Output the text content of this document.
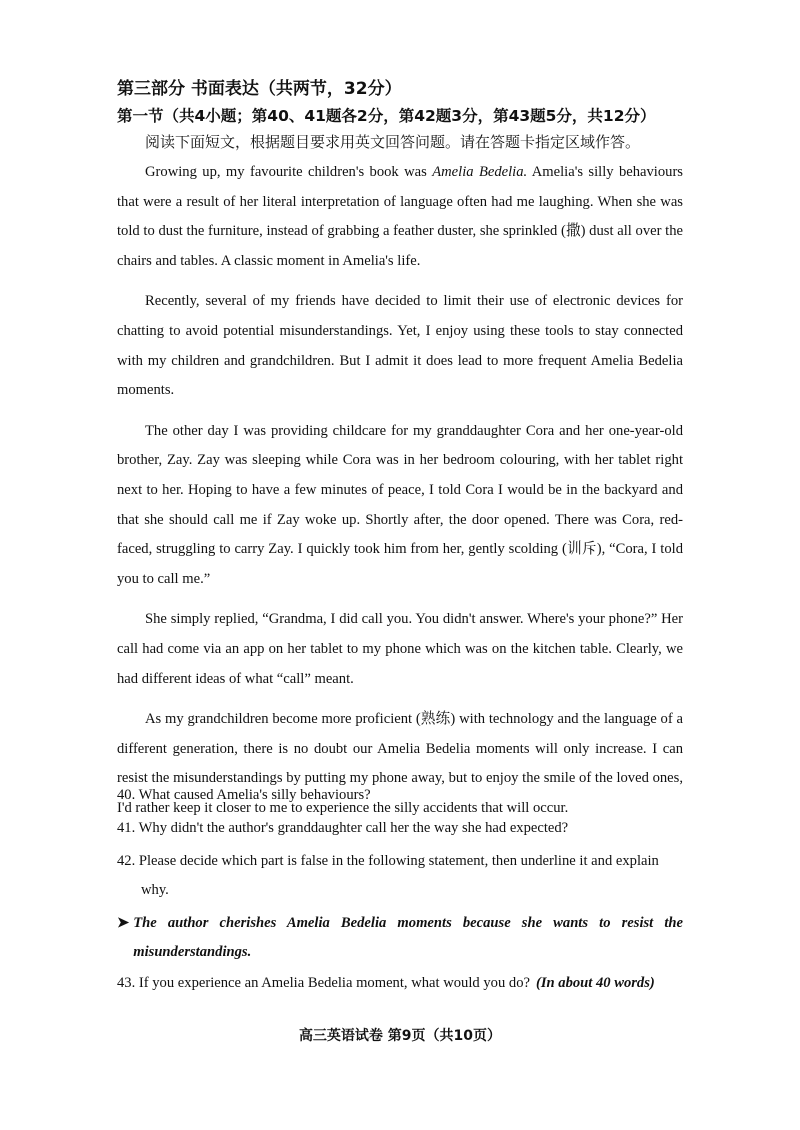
第三部分 书面表达（共两节，32分）
第一节（共4小题；第40、41题各2分，第42题3分，第43题5分，共12分）
阅读下面短文，根据题目要求用英文回答问题。请在答题卡指定区域作答。

Growing up, my favourite children's book was Amelia Bedelia. Amelia's silly behaviours that were a result of her literal interpretation of language often had me laughing. When she was told to dust the furniture, instead of grabbing a feather duster, she sprinkled (撒) dust all over the chairs and tables. A classic moment in Amelia's life.

Recently, several of my friends have decided to limit their use of electronic devices for chatting to avoid potential misunderstandings. Yet, I enjoy using these tools to stay connected with my children and grandchildren. But I admit it does lead to more frequent Amelia Bedelia moments.

The other day I was providing childcare for my granddaughter Cora and her one-year-old brother, Zay. Zay was sleeping while Cora was in her bedroom colouring, with her tablet right next to her. Hoping to have a few minutes of peace, I told Cora I would be in the backyard and that she should call me if Zay woke up. Shortly after, the door opened. There was Cora, red-faced, struggling to carry Zay. I quickly took him from her, gently scolding (训斥), “Cora, I told you to call me.”

She simply replied, “Grandma, I did call you. You didn't answer. Where's your phone?” Her call had come via an app on her tablet to my phone which was on the kitchen table. Clearly, we had different ideas of what “call” meant.

As my grandchildren become more proficient (熟练) with technology and the language of a different generation, there is no doubt our Amelia Bedelia moments will only increase. I can resist the misunderstandings by putting my phone away, but to enjoy the smile of the loved ones, I'd rather keep it closer to me to experience the silly accidents that will occur.

40. What caused Amelia's silly behaviours?
41. Why didn't the author's granddaughter call her the way she had expected?
42. Please decide which part is false in the following statement, then underline it and explain
why.
➤ The author cherishes Amelia Bedelia moments because she wants to resist the misunderstandings.
43. If you experience an Amelia Bedelia moment, what would you do? (In about 40 words)
高三英语试卷 第9页（共10页）
